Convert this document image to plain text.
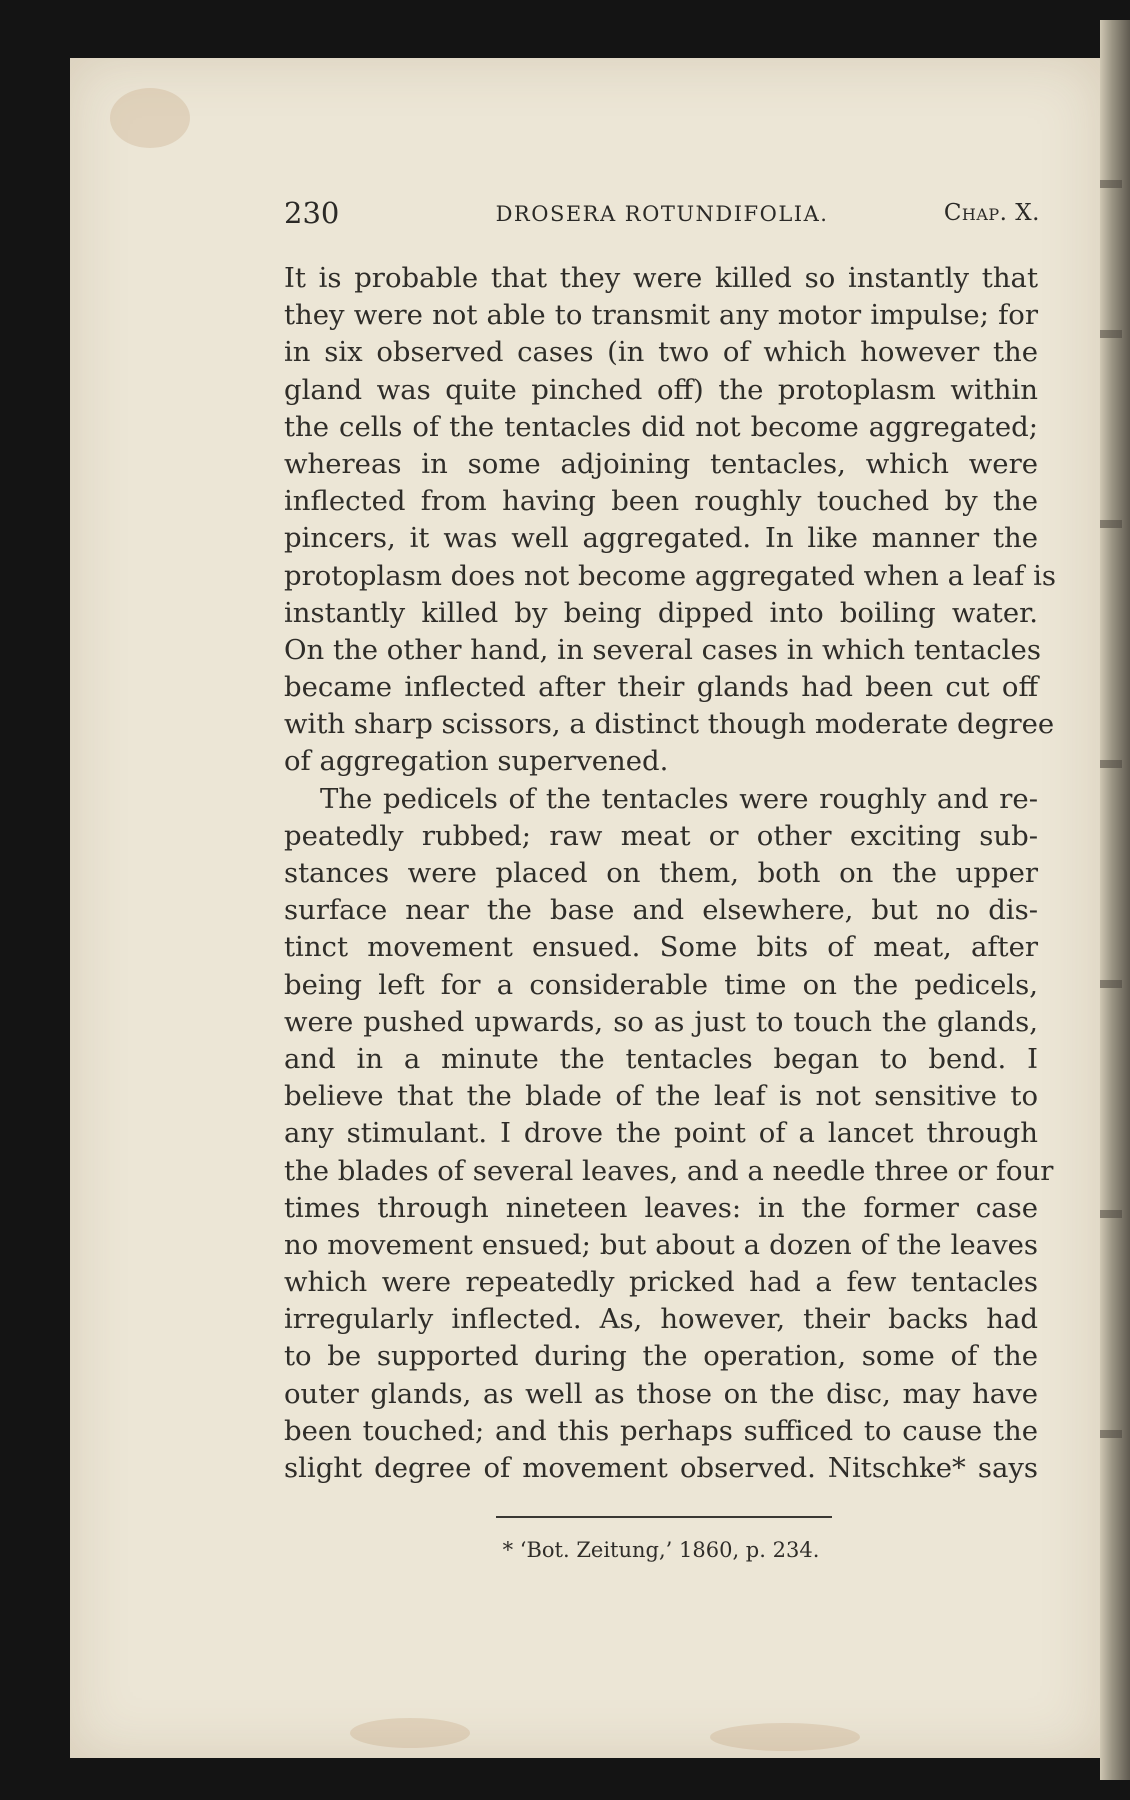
230	DROSERA ROTUNDIFOLIA.	Chap. X.
It is probable that they were killed so instantly that
they were not able to transmit any motor impulse; for
in six observed cases (in two of which however the
gland was quite pinched off) the protoplasm within
the cells of the tentacles did not become aggregated;
whereas in some adjoining tentacles, which were
inflected from having been roughly touched by the
pincers, it was well aggregated. In like manner the
protoplasm does not become aggregated when a leaf is
instantly killed by being dipped into boiling water.
On the other hand, in several cases in which tentacles
became inflected after their glands had been cut off
with sharp scissors, a distinct though moderate degree
of aggregation supervened.
The pedicels of the tentacles were roughly and re-
peatedly rubbed; raw meat or other exciting sub-
stances were placed on them, both on the upper
surface near the base and elsewhere, but no dis-
tinct movement ensued. Some bits of meat, after
being left for a considerable time on the pedicels,
were pushed upwards, so as just to touch the glands,
and in a minute the tentacles began to bend. I
believe that the blade of the leaf is not sensitive to
any stimulant. I drove the point of a lancet through
the blades of several leaves, and a needle three or four
times through nineteen leaves: in the former case
no movement ensued; but about a dozen of the leaves
which were repeatedly pricked had a few tentacles
irregularly inflected. As, however, their backs had
to be supported during the operation, some of the
outer glands, as well as those on the disc, may have
been touched; and this perhaps sufficed to cause the
slight degree of movement observed. Nitschke* says
* ‘Bot. Zeitung,’ 1860, p. 234.
